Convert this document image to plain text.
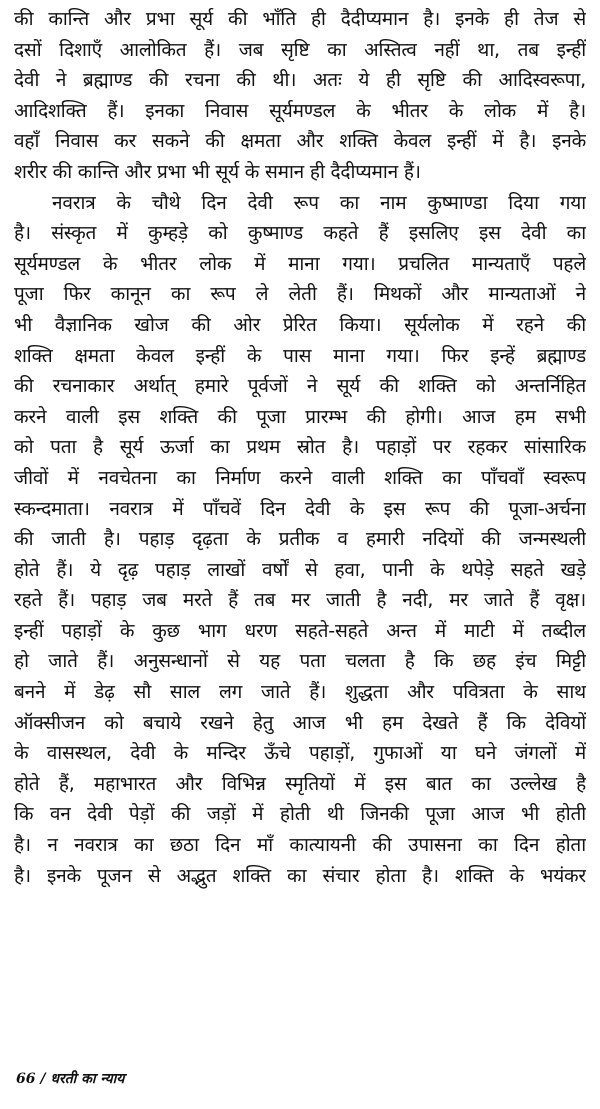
की कान्ति और प्रभा सूर्य की भाँति ही दैदीप्यमान है। इनके ही तेज से
दसों दिशाएँ आलोकित हैं। जब सृष्टि का अस्तित्व नहीं था, तब इन्हीं
देवी ने ब्रह्माण्ड की रचना की थी। अतः ये ही सृष्टि की आदिस्वरूपा,
आदिशक्ति हैं। इनका निवास सूर्यमण्डल के भीतर के लोक में है।
वहाँ निवास कर सकने की क्षमता और शक्ति केवल इन्हीं में है। इनके
शरीर की कान्ति और प्रभा भी सूर्य के समान ही दैदीप्यमान हैं।
नवरात्र के चौथे दिन देवी रूप का नाम कुष्माण्डा दिया गया
है। संस्कृत में कुम्हड़े को कुष्माण्ड कहते हैं इसलिए इस देवी का
सूर्यमण्डल के भीतर लोक में माना गया। प्रचलित मान्यताएँ पहले
पूजा फिर कानून का रूप ले लेती हैं। मिथकों और मान्यताओं ने
भी वैज्ञानिक खोज की ओर प्रेरित किया। सूर्यलोक में रहने की
शक्ति क्षमता केवल इन्हीं के पास माना गया। फिर इन्हें ब्रह्माण्ड
की रचनाकार अर्थात् हमारे पूर्वजों ने सूर्य की शक्ति को अन्तर्निहित
करने वाली इस शक्ति की पूजा प्रारम्भ की होगी। आज हम सभी
को पता है सूर्य ऊर्जा का प्रथम स्रोत है। पहाड़ों पर रहकर सांसारिक
जीवों में नवचेतना का निर्माण करने वाली शक्ति का पाँचवाँ स्वरूप
स्कन्दमाता। नवरात्र में पाँचवें दिन देवी के इस रूप की पूजा-अर्चना
की जाती है। पहाड़ दृढ़ता के प्रतीक व हमारी नदियों की जन्मस्थली
होते हैं। ये दृढ़ पहाड़ लाखों वर्षों से हवा, पानी के थपेड़े सहते खड़े
रहते हैं। पहाड़ जब मरते हैं तब मर जाती है नदी, मर जाते हैं वृक्ष।
इन्हीं पहाड़ों के कुछ भाग धरण सहते-सहते अन्त में माटी में तब्दील
हो जाते हैं। अनुसन्धानों से यह पता चलता है कि छह इंच मिट्टी
बनने में डेढ़ सौ साल लग जाते हैं। शुद्धता और पवित्रता के साथ
ऑक्सीजन को बचाये रखने हेतु आज भी हम देखते हैं कि देवियों
के वासस्थल, देवी के मन्दिर ऊँचे पहाड़ों, गुफाओं या घने जंगलों में
होते हैं, महाभारत और विभिन्न स्मृतियों में इस बात का उल्लेख है
कि वन देवी पेड़ों की जड़ों में होती थी जिनकी पूजा आज भी होती
है। न नवरात्र का छठा दिन माँ कात्यायनी की उपासना का दिन होता
है। इनके पूजन से अद्भुत शक्ति का संचार होता है। शक्ति के भयंकर
66 / धरती का न्याय
